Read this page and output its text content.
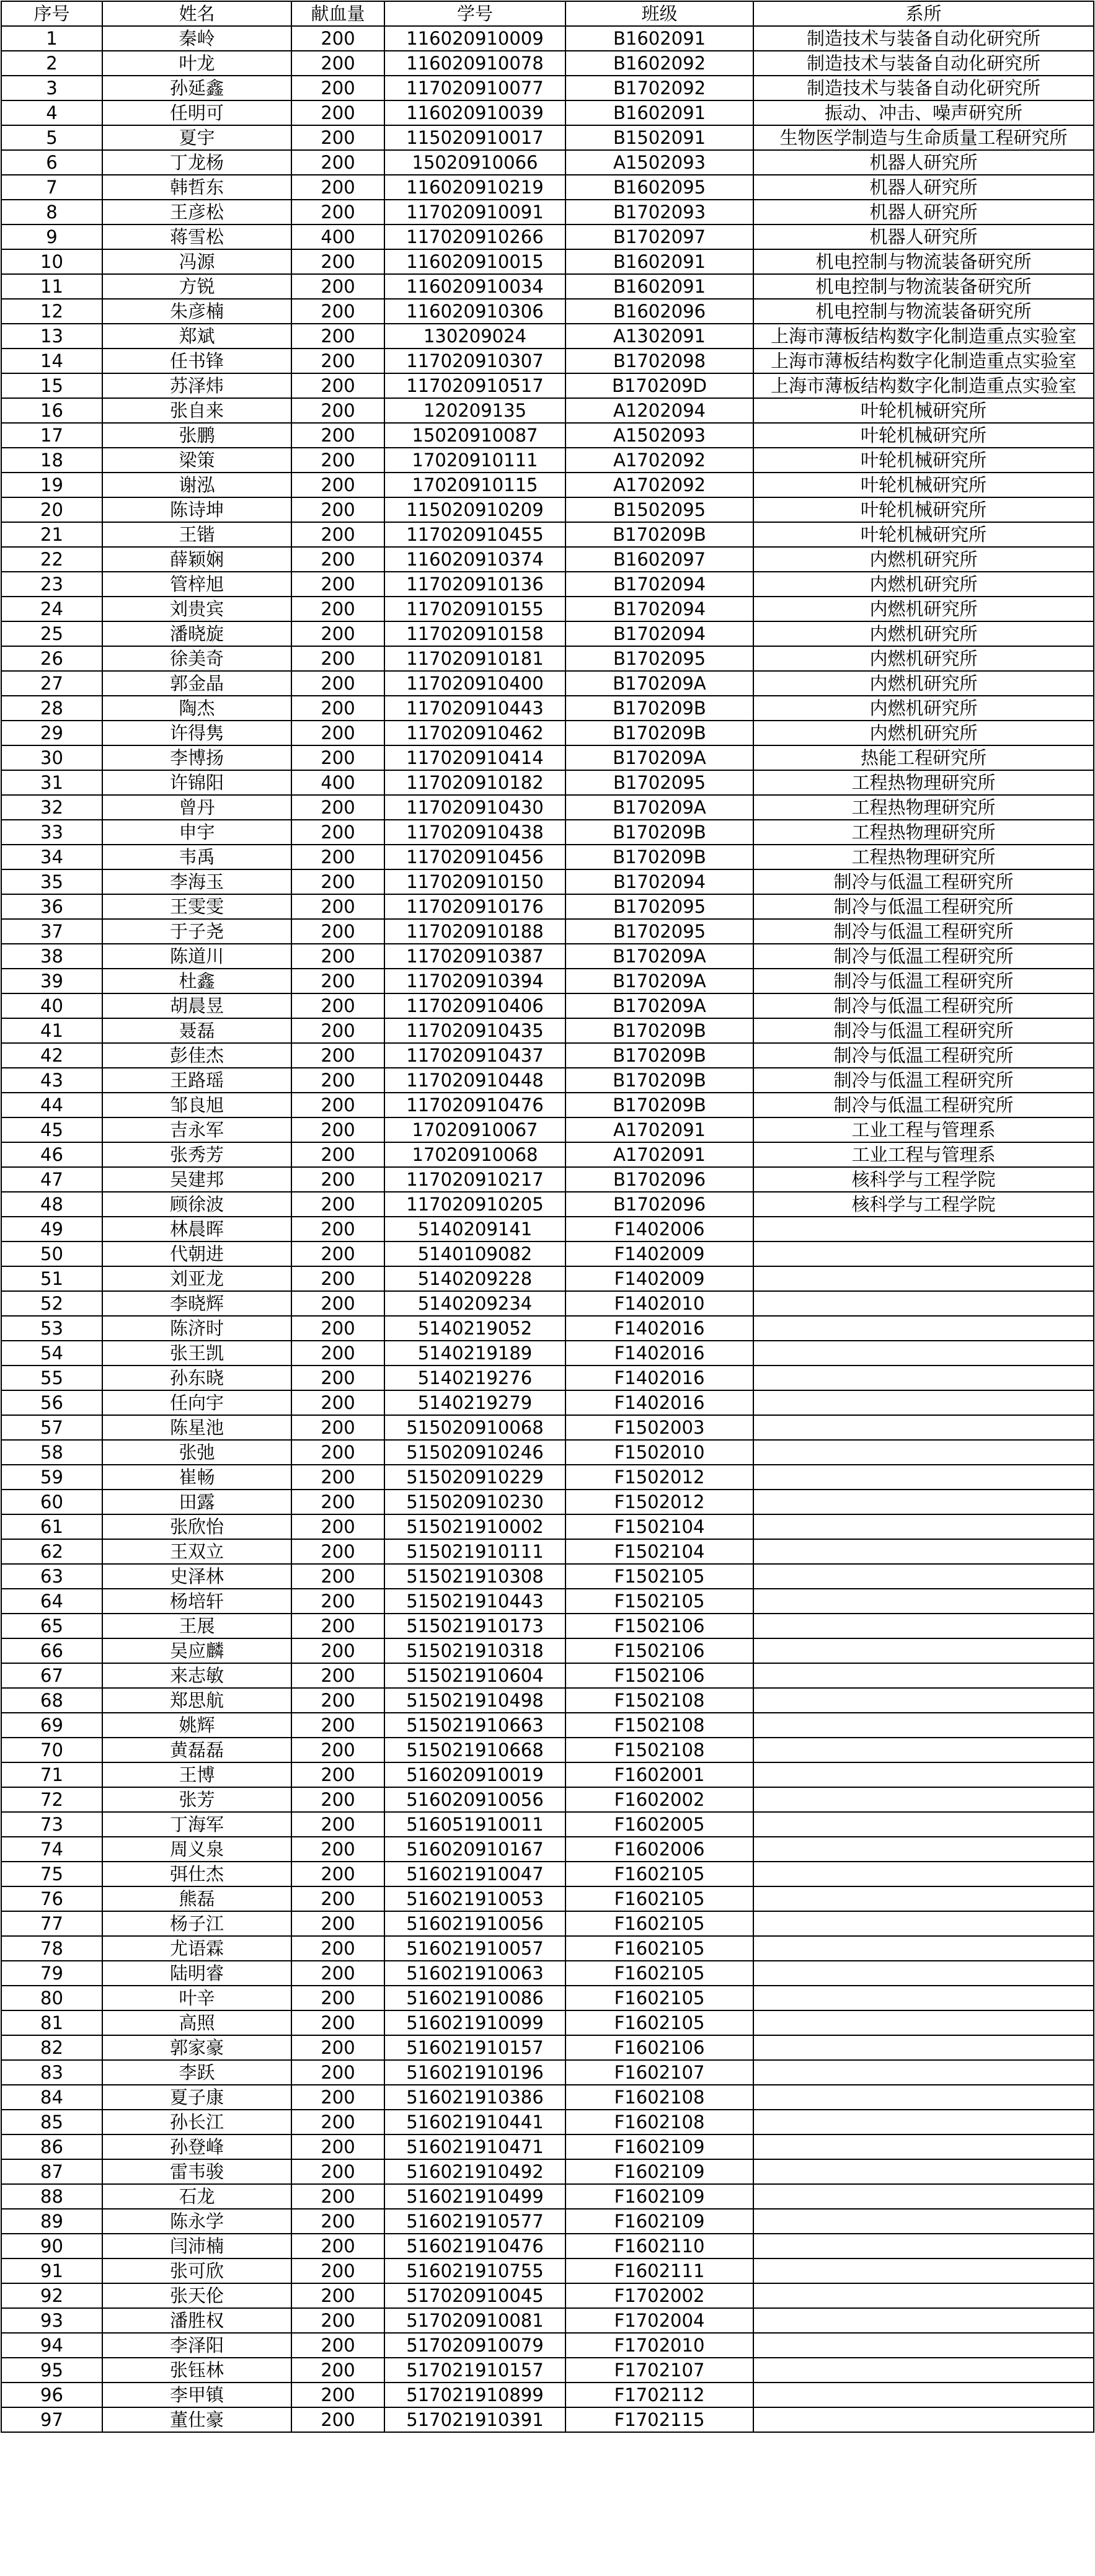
序号	姓名	献血量	学号	班级	系所
1	秦岭	200	116020910009	B1602091	制造技术与装备自动化研究所
2	叶龙	200	116020910078	B1602092	制造技术与装备自动化研究所
3	孙延鑫	200	117020910077	B1702092	制造技术与装备自动化研究所
4	任明可	200	116020910039	B1602091	振动、冲击、噪声研究所
5	夏宇	200	115020910017	B1502091	生物医学制造与生命质量工程研究所
6	丁龙杨	200	15020910066	A1502093	机器人研究所
7	韩哲东	200	116020910219	B1602095	机器人研究所
8	王彦松	200	117020910091	B1702093	机器人研究所
9	蒋雪松	400	117020910266	B1702097	机器人研究所
10	冯源	200	116020910015	B1602091	机电控制与物流装备研究所
11	方锐	200	116020910034	B1602091	机电控制与物流装备研究所
12	朱彦楠	200	116020910306	B1602096	机电控制与物流装备研究所
13	郑斌	200	130209024	A1302091	上海市薄板结构数字化制造重点实验室
14	任书锋	200	117020910307	B1702098	上海市薄板结构数字化制造重点实验室
15	苏泽炜	200	117020910517	B170209D	上海市薄板结构数字化制造重点实验室
16	张自来	200	120209135	A1202094	叶轮机械研究所
17	张鹏	200	15020910087	A1502093	叶轮机械研究所
18	梁策	200	17020910111	A1702092	叶轮机械研究所
19	谢泓	200	17020910115	A1702092	叶轮机械研究所
20	陈诗坤	200	115020910209	B1502095	叶轮机械研究所
21	王锴	200	117020910455	B170209B	叶轮机械研究所
22	薛颖娴	200	116020910374	B1602097	内燃机研究所
23	管梓旭	200	117020910136	B1702094	内燃机研究所
24	刘贵宾	200	117020910155	B1702094	内燃机研究所
25	潘晓旋	200	117020910158	B1702094	内燃机研究所
26	徐美奇	200	117020910181	B1702095	内燃机研究所
27	郭金晶	200	117020910400	B170209A	内燃机研究所
28	陶杰	200	117020910443	B170209B	内燃机研究所
29	许得隽	200	117020910462	B170209B	内燃机研究所
30	李博扬	200	117020910414	B170209A	热能工程研究所
31	许锦阳	400	117020910182	B1702095	工程热物理研究所
32	曾丹	200	117020910430	B170209A	工程热物理研究所
33	申宇	200	117020910438	B170209B	工程热物理研究所
34	韦禹	200	117020910456	B170209B	工程热物理研究所
35	李海玉	200	117020910150	B1702094	制冷与低温工程研究所
36	王雯雯	200	117020910176	B1702095	制冷与低温工程研究所
37	于子尧	200	117020910188	B1702095	制冷与低温工程研究所
38	陈道川	200	117020910387	B170209A	制冷与低温工程研究所
39	杜鑫	200	117020910394	B170209A	制冷与低温工程研究所
40	胡晨昱	200	117020910406	B170209A	制冷与低温工程研究所
41	聂磊	200	117020910435	B170209B	制冷与低温工程研究所
42	彭佳杰	200	117020910437	B170209B	制冷与低温工程研究所
43	王路瑶	200	117020910448	B170209B	制冷与低温工程研究所
44	邹良旭	200	117020910476	B170209B	制冷与低温工程研究所
45	吉永军	200	17020910067	A1702091	工业工程与管理系
46	张秀芳	200	17020910068	A1702091	工业工程与管理系
47	吴建邦	200	117020910217	B1702096	核科学与工程学院
48	顾徐波	200	117020910205	B1702096	核科学与工程学院
49	林晨晖	200	5140209141	F1402006	
50	代朝进	200	5140109082	F1402009	
51	刘亚龙	200	5140209228	F1402009	
52	李晓辉	200	5140209234	F1402010	
53	陈济时	200	5140219052	F1402016	
54	张王凯	200	5140219189	F1402016	
55	孙东晓	200	5140219276	F1402016	
56	任向宇	200	5140219279	F1402016	
57	陈星池	200	515020910068	F1502003	
58	张弛	200	515020910246	F1502010	
59	崔畅	200	515020910229	F1502012	
60	田露	200	515020910230	F1502012	
61	张欣怡	200	515021910002	F1502104	
62	王双立	200	515021910111	F1502104	
63	史泽林	200	515021910308	F1502105	
64	杨培轩	200	515021910443	F1502105	
65	王展	200	515021910173	F1502106	
66	吴应麟	200	515021910318	F1502106	
67	来志敏	200	515021910604	F1502106	
68	郑思航	200	515021910498	F1502108	
69	姚辉	200	515021910663	F1502108	
70	黄磊磊	200	515021910668	F1502108	
71	王博	200	516020910019	F1602001	
72	张芳	200	516020910056	F1602002	
73	丁海军	200	516051910011	F1602005	
74	周义泉	200	516020910167	F1602006	
75	弭仕杰	200	516021910047	F1602105	
76	熊磊	200	516021910053	F1602105	
77	杨子江	200	516021910056	F1602105	
78	尤语霖	200	516021910057	F1602105	
79	陆明睿	200	516021910063	F1602105	
80	叶辛	200	516021910086	F1602105	
81	高照	200	516021910099	F1602105	
82	郭家豪	200	516021910157	F1602106	
83	李跃	200	516021910196	F1602107	
84	夏子康	200	516021910386	F1602108	
85	孙长江	200	516021910441	F1602108	
86	孙登峰	200	516021910471	F1602109	
87	雷韦骏	200	516021910492	F1602109	
88	石龙	200	516021910499	F1602109	
89	陈永学	200	516021910577	F1602109	
90	闫沛楠	200	516021910476	F1602110	
91	张可欣	200	516021910755	F1602111	
92	张天伦	200	517020910045	F1702002	
93	潘胜权	200	517020910081	F1702004	
94	李泽阳	200	517020910079	F1702010	
95	张钰林	200	517021910157	F1702107	
96	李甲镇	200	517021910899	F1702112	
97	董仕豪	200	517021910391	F1702115	
